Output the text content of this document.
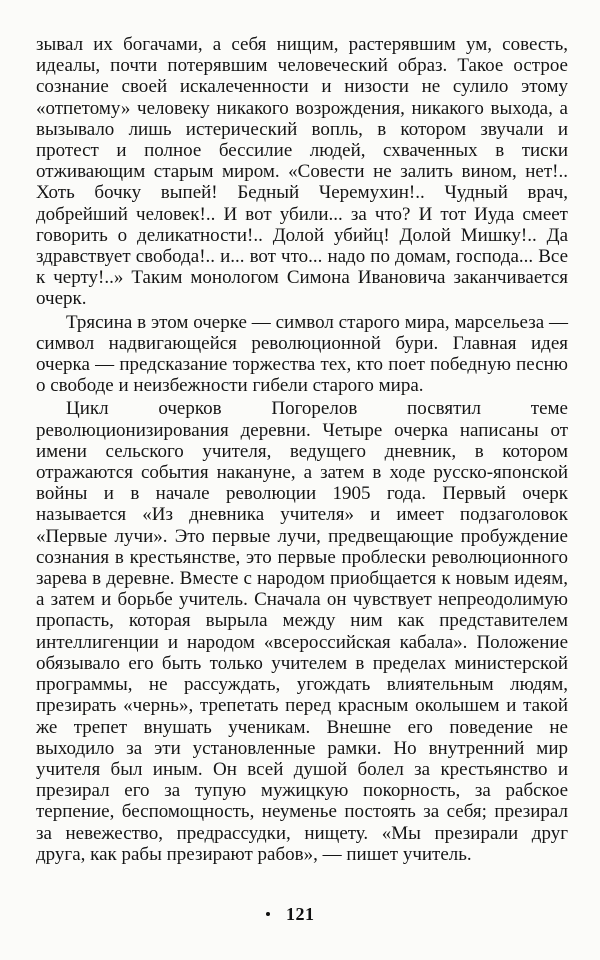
зывал их богачами, а себя нищим, растерявшим ум, совесть, идеалы, почти потерявшим человеческий образ. Такое острое сознание своей искалеченности и низости не сулило этому «отпетому» человеку никакого возрождения, никакого выхода, а вызывало лишь истерический вопль, в котором звучали и протест и полное бессилие людей, схваченных в тиски отживающим старым миром. «Совести не залить вином, нет!.. Хоть бочку выпей! Бедный Черемухин!.. Чудный врач, добрейший человек!.. И вот убили... за что? И тот Иуда смеет говорить о деликатности!.. Долой убийц! Долой Мишку!.. Да здравствует свобода!.. и... вот что... надо по домам, господа... Все к черту!..» Таким монологом Симона Ивановича заканчивается очерк.

Трясина в этом очерке — символ старого мира, марсельеза — символ надвигающейся революционной бури. Главная идея очерка — предсказание торжества тех, кто поет победную песню о свободе и неизбежности гибели старого мира.

Цикл очерков Погорелов посвятил теме революционизирования деревни. Четыре очерка написаны от имени сельского учителя, ведущего дневник, в котором отражаются события накануне, а затем в ходе русско-японской войны и в начале революции 1905 года. Первый очерк называется «Из дневника учителя» и имеет подзаголовок «Первые лучи». Это первые лучи, предвещающие пробуждение сознания в крестьянстве, это первые проблески революционного зарева в деревне. Вместе с народом приобщается к новым идеям, а затем и борьбе учитель. Сначала он чувствует непреодолимую пропасть, которая вырыла между ним как представителем интеллигенции и народом «всероссийская кабала». Положение обязывало его быть только учителем в пределах министерской программы, не рассуждать, угождать влиятельным людям, презирать «чернь», трепетать перед красным околышем и такой же трепет внушать ученикам. Внешне его поведение не выходило за эти установленные рамки. Но внутренний мир учителя был иным. Он всей душой болел за крестьянство и презирал его за тупую мужицкую покорность, за рабское терпение, беспомощность, неуменье постоять за себя; презирал за невежество, предрассудки, нищету. «Мы презирали друг друга, как рабы презирают рабов», — пишет учитель.

121
